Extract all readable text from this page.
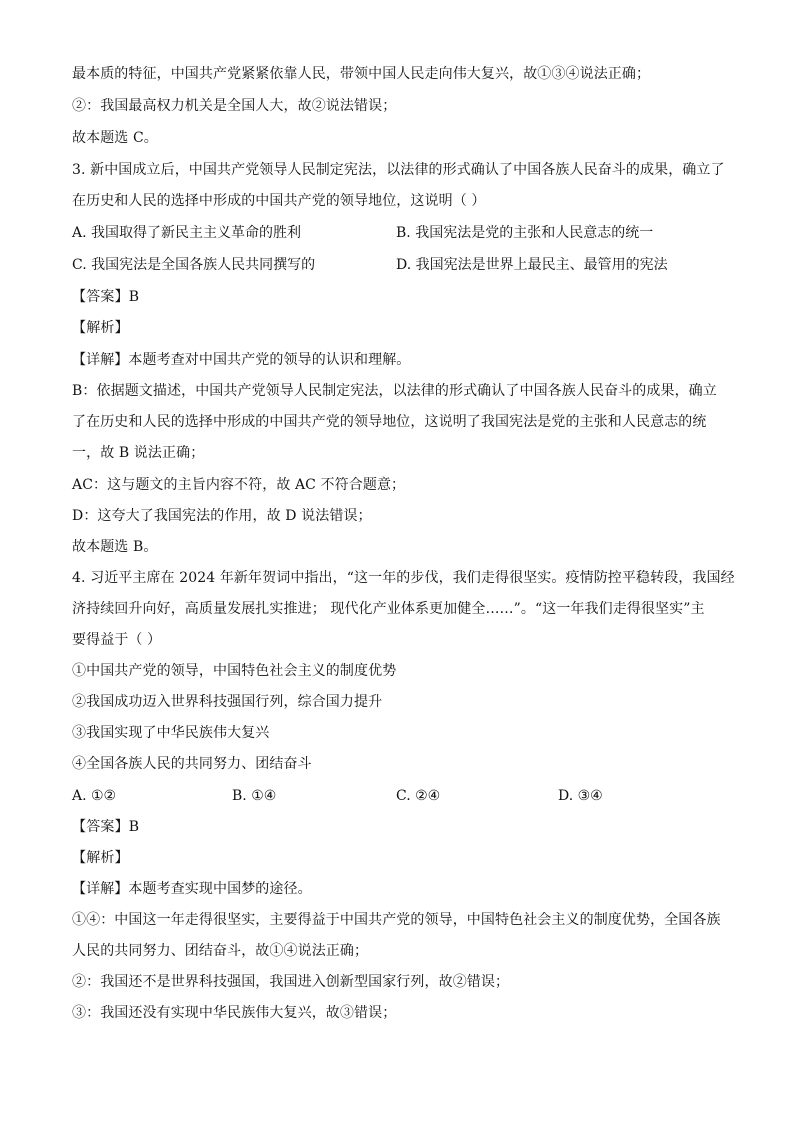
最本质的特征，中国共产党紧紧依靠人民，带领中国人民走向伟大复兴，故①③④说法正确；
②：我国最高权力机关是全国人大，故②说法错误；
故本题选 C。
3. 新中国成立后，中国共产党领导人民制定宪法，以法律的形式确认了中国各族人民奋斗的成果，确立了
在历史和人民的选择中形成的中国共产党的领导地位，这说明（ ）
A. 我国取得了新民主主义革命的胜利	B. 我国宪法是党的主张和人民意志的统一
C. 我国宪法是全国各族人民共同撰写的	D. 我国宪法是世界上最民主、最管用的宪法
【答案】B
【解析】
【详解】本题考查对中国共产党的领导的认识和理解。
B：依据题文描述，中国共产党领导人民制定宪法，以法律的形式确认了中国各族人民奋斗的成果，确立
了在历史和人民的选择中形成的中国共产党的领导地位，这说明了我国宪法是党的主张和人民意志的统
一，故 B 说法正确；
AC：这与题文的主旨内容不符，故 AC 不符合题意；
D：这夸大了我国宪法的作用，故 D 说法错误；
故本题选 B。
4. 习近平主席在 2024 年新年贺词中指出，“这一年的步伐，我们走得很坚实。疫情防控平稳转段，我国经
济持续回升向好，高质量发展扎实推进； 现代化产业体系更加健全……”。“这一年我们走得很坚实”主
要得益于（ ）
①中国共产党的领导，中国特色社会主义的制度优势
②我国成功迈入世界科技强国行列，综合国力提升
③我国实现了中华民族伟大复兴
④全国各族人民的共同努力、团结奋斗
A. ①②	B. ①④	C. ②④	D. ③④
【答案】B
【解析】
【详解】本题考查实现中国梦的途径。
①④：中国这一年走得很坚实，主要得益于中国共产党的领导，中国特色社会主义的制度优势，全国各族
人民的共同努力、团结奋斗，故①④说法正确；
②：我国还不是世界科技强国，我国进入创新型国家行列，故②错误；
③：我国还没有实现中华民族伟大复兴，故③错误；
